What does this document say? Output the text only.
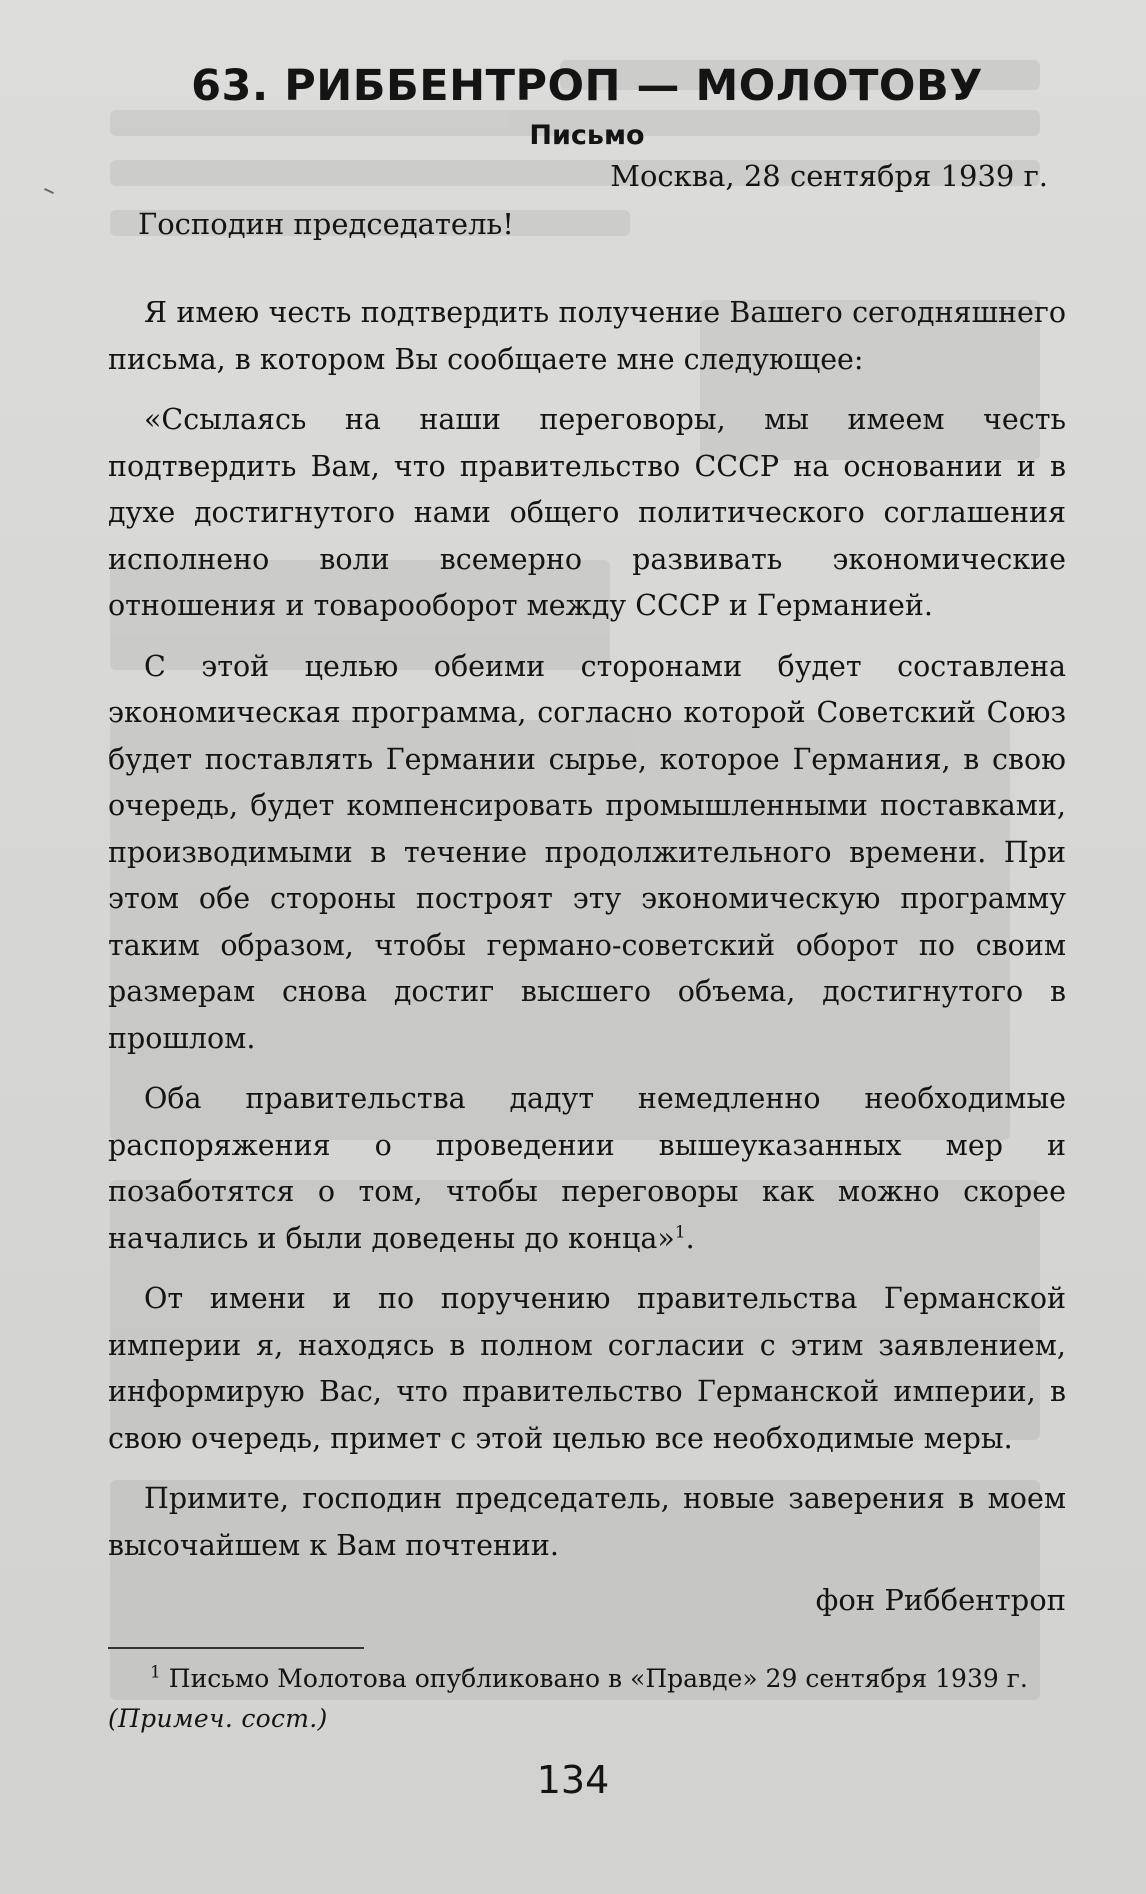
63. РИББЕНТРОП — МОЛОТОВУ
Письмо
Москва, 28 сентября 1939 г.
Господин председатель!

Я имею честь подтвердить получение Вашего сегодняшнего письма, в котором Вы сообщаете мне следующее:

«Ссылаясь на наши переговоры, мы имеем честь подтвердить Вам, что правительство СССР на основании и в духе достигнутого нами общего политического соглашения исполнено воли всемерно развивать экономические отношения и товарооборот между СССР и Германией.

С этой целью обеими сторонами будет составлена экономическая программа, согласно которой Советский Союз будет поставлять Германии сырье, которое Германия, в свою очередь, будет компенсировать промышленными поставками, производимыми в течение продолжительного времени. При этом обе стороны построят эту экономическую программу таким образом, чтобы германо-советский оборот по своим размерам снова достиг высшего объема, достигнутого в прошлом.

Оба правительства дадут немедленно необходимые распоряжения о проведении вышеуказанных мер и позаботятся о том, чтобы переговоры как можно скорее начались и были доведены до конца»$^1$.

От имени и по поручению правительства Германской империи я, находясь в полном согласии с этим заявлением, информирую Вас, что правительство Германской империи, в свою очередь, примет с этой целью все необходимые меры.

Примите, господин председатель, новые заверения в моем высочайшем к Вам почтении.

фон Риббентроп
$^1$ Письмо Молотова опубликовано в «Правде» 29 сентября 1939 г.
(Примеч. сост.)
134
